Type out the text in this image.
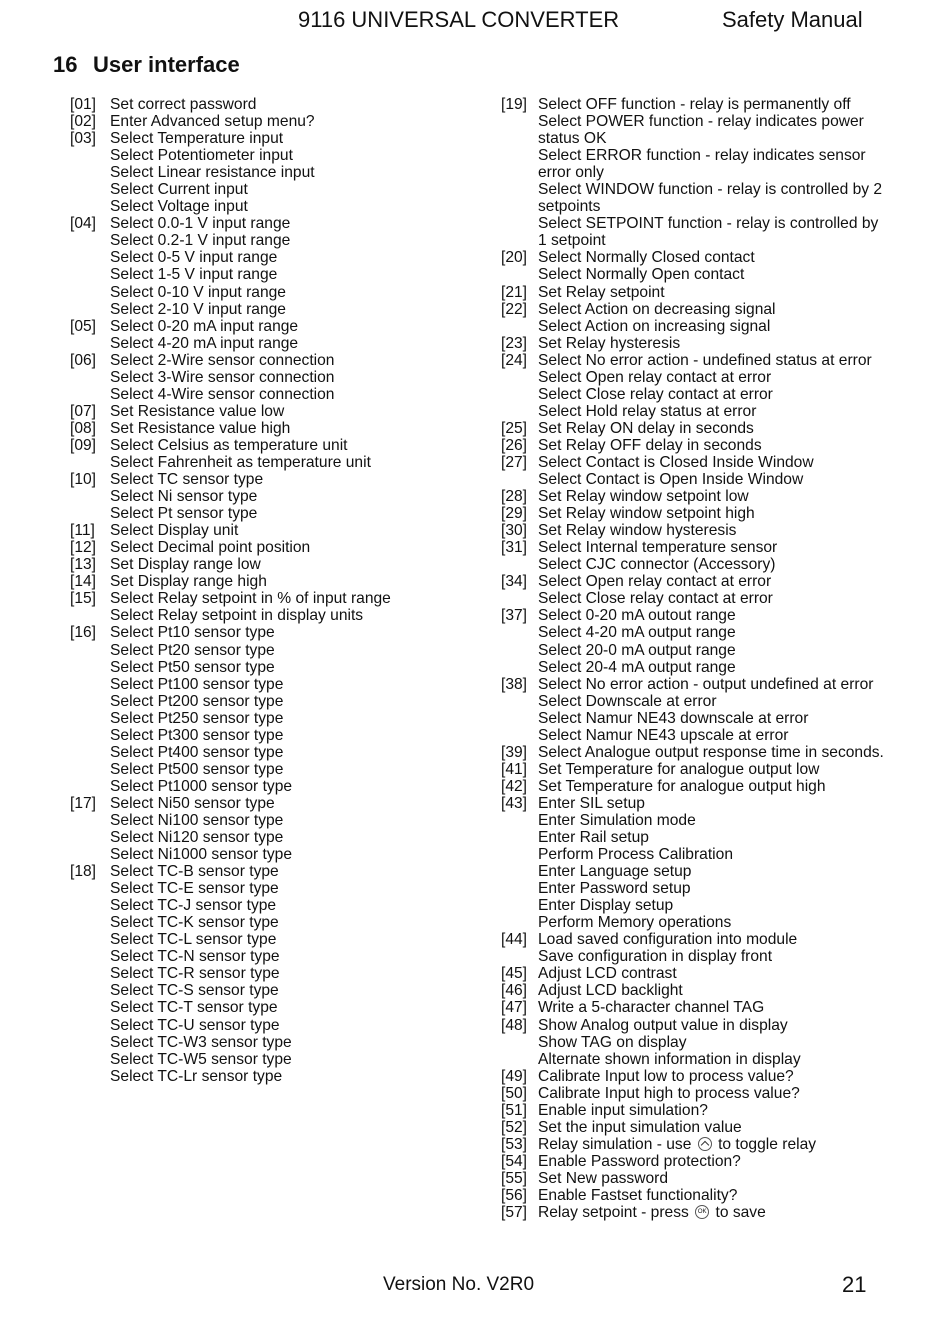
9116 UNIVERSAL CONVERTER	Safety Manual
16 User interface
[01] Set correct password
[02] Enter Advanced setup menu?
[03] Select Temperature input
Select Potentiometer input
Select Linear resistance input
Select Current input
Select Voltage input
[04] Select 0.0-1 V input range
Select 0.2-1 V input range
Select 0-5 V input range
Select 1-5 V input range
Select 0-10 V input range
Select 2-10 V input range
[05] Select 0-20 mA input range
Select 4-20 mA input range
[06] Select 2-Wire sensor connection
Select 3-Wire sensor connection
Select 4-Wire sensor connection
[07] Set Resistance value low
[08] Set Resistance value high
[09] Select Celsius as temperature unit
Select Fahrenheit as temperature unit
[10] Select TC sensor type
Select Ni sensor type
Select Pt sensor type
[11] Select Display unit
[12] Select Decimal point position
[13] Set Display range low
[14] Set Display range high
[15] Select Relay setpoint in % of input range
Select Relay setpoint in display units
[16] Select Pt10 sensor type
Select Pt20 sensor type
Select Pt50 sensor type
Select Pt100 sensor type
Select Pt200 sensor type
Select Pt250 sensor type
Select Pt300 sensor type
Select Pt400 sensor type
Select Pt500 sensor type
Select Pt1000 sensor type
[17] Select Ni50 sensor type
Select Ni100 sensor type
Select Ni120 sensor type
Select Ni1000 sensor type
[18] Select TC-B sensor type
Select TC-E sensor type
Select TC-J sensor type
Select TC-K sensor type
Select TC-L sensor type
Select TC-N sensor type
Select TC-R sensor type
Select TC-S sensor type
Select TC-T sensor type
Select TC-U sensor type
Select TC-W3 sensor type
Select TC-W5 sensor type
Select TC-Lr sensor type
[19] Select OFF function - relay is permanently off
Select POWER function - relay indicates power status OK
Select ERROR function - relay indicates sensor error only
Select WINDOW function - relay is controlled by 2 setpoints
Select SETPOINT function - relay is controlled by 1 setpoint
[20] Select Normally Closed contact
Select Normally Open contact
[21] Set Relay setpoint
[22] Select Action on decreasing signal
Select Action on increasing signal
[23] Set Relay hysteresis
[24] Select No error action - undefined status at error
Select Open relay contact at error
Select Close relay contact at error
Select Hold relay status at error
[25] Set Relay ON delay in seconds
[26] Set Relay OFF delay in seconds
[27] Select Contact is Closed Inside Window
Select Contact is Open Inside Window
[28] Set Relay window setpoint low
[29] Set Relay window setpoint high
[30] Set Relay window hysteresis
[31] Select Internal temperature sensor
Select CJC connector (Accessory)
[34] Select Open relay contact at error
Select Close relay contact at error
[37] Select 0-20 mA outout range
Select 4-20 mA output range
Select 20-0 mA output range
Select 20-4 mA output range
[38] Select No error action - output undefined at error
Select Downscale at error
Select Namur NE43 downscale at error
Select Namur NE43 upscale at error
[39] Select Analogue output response time in seconds.
[41] Set Temperature for analogue output low
[42] Set Temperature for analogue output high
[43] Enter SIL setup
Enter Simulation mode
Enter Rail setup
Perform Process Calibration
Enter Language setup
Enter Password setup
Enter Display setup
Perform Memory operations
[44] Load saved configuration into module
Save configuration in display front
[45] Adjust LCD contrast
[46] Adjust LCD backlight
[47] Write a 5-character channel TAG
[48] Show Analog output value in display
Show TAG on display
Alternate shown information in display
[49] Calibrate Input low to process value?
[50] Calibrate Input high to process value?
[51] Enable input simulation?
[52] Set the input simulation value
[53] Relay simulation - use to toggle relay
[54] Enable Password protection?
[55] Set New password
[56] Enable Fastset functionality?
[57] Relay setpoint - press OK to save
Version No. V2R0	21
